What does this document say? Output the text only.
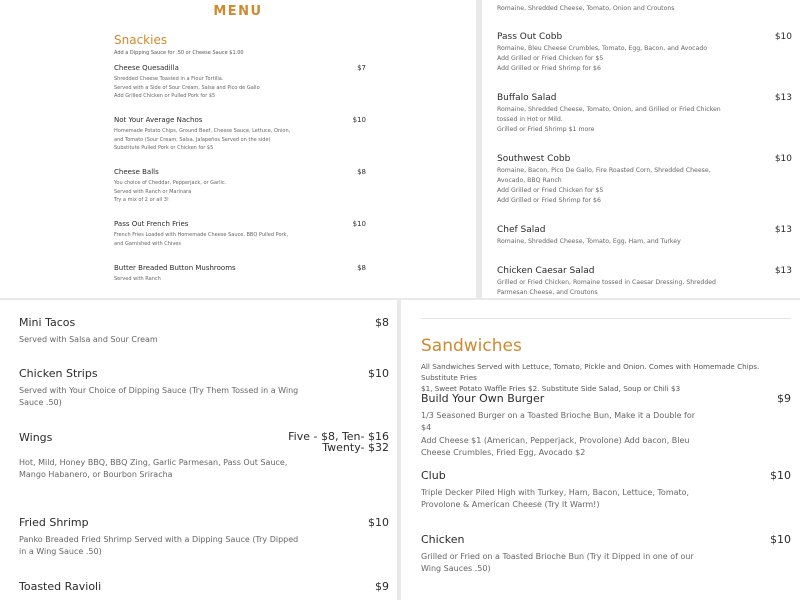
MENU
Snackies
Add a Dipping Sauce for .50 or Cheese Sauce $1.00
Cheese Quesadilla	$7
Shredded Cheese Toasted in a Flour Tortilla.
Served with a Side of Sour Cream, Salsa and Pico de Gallo
Add Grilled Chicken or Pulled Pork for $5
Not Your Average Nachos	$10
Homemade Potato Chips, Ground Beef, Cheese Sauce, Lettuce, Onion,
and Tomato (Sour Cream, Salsa, Jalapeños Served on the side)
Substitute Pulled Pork or Chicken for $5
Cheese Balls	$8
You choice of Cheddar, Pepperjack, or Garlic.
Served with Ranch or Marinara
Try a mix of 2 or all 3!
Pass Out French Fries	$10
French Fries Loaded with Homemade Cheese Sauce, BBQ Pulled Pork,
and Garnished with Chives
Butter Breaded Button Mushrooms	$8
Served with Ranch
Romaine, Shredded Cheese, Tomato, Onion and Croutons
Pass Out Cobb	$10
Romaine, Bleu Cheese Crumbles, Tomato, Egg, Bacon, and Avocado
Add Grilled or Fried Chicken for $5
Add Grilled or Fried Shrimp for $6
Buffalo Salad	$13
Romaine, Shredded Cheese, Tomato, Onion, and Grilled or Fried Chicken
tossed in Hot or Mild.
Grilled or Fried Shrimp $1 more
Southwest Cobb	$10
Romaine, Bacon, Pico De Gallo, Fire Roasted Corn, Shredded Cheese,
Avocado, BBQ Ranch
Add Grilled or Fried Chicken for $5
Add Grilled or Fried Shrimp for $6
Chef Salad	$13
Romaine, Shredded Cheese, Tomato, Egg, Ham, and Turkey
Chicken Caesar Salad	$13
Grilled or Fried Chicken, Romaine tossed in Caesar Dressing, Shredded
Parmesan Cheese, and Croutons
Mini Tacos	$8
Served with Salsa and Sour Cream
Chicken Strips	$10
Served with Your Choice of Dipping Sauce (Try Them Tossed in a Wing
Sauce .50)
Wings	Five - $8, Ten- $16
Twenty- $32
Hot, Mild, Honey BBQ, BBQ Zing, Garlic Parmesan, Pass Out Sauce,
Mango Habanero, or Bourbon Sriracha
Fried Shrimp	$10
Panko Breaded Fried Shrimp Served with a Dipping Sauce (Try Dipped
in a Wing Sauce .50)
Toasted Ravioli	$9
Sandwiches
All Sandwiches Served with Lettuce, Tomato, Pickle and Onion. Comes with Homemade Chips. Substitute Fries
$1, Sweet Potato Waffle Fries $2. Substitute Side Salad, Soup or Chili $3
Build Your Own Burger	$9
1/3 Seasoned Burger on a Toasted Brioche Bun, Make it a Double for $4
Add Cheese $1 (American, Pepperjack, Provolone) Add bacon, Bleu
Cheese Crumbles, Fried Egg, Avocado $2
Club	$10
Triple Decker Piled High with Turkey, Ham, Bacon, Lettuce, Tomato,
Provolone & American Cheese (Try It Warm!)
Chicken	$10
Grilled or Fried on a Toasted Brioche Bun (Try it Dipped in one of our
Wing Sauces .50)
